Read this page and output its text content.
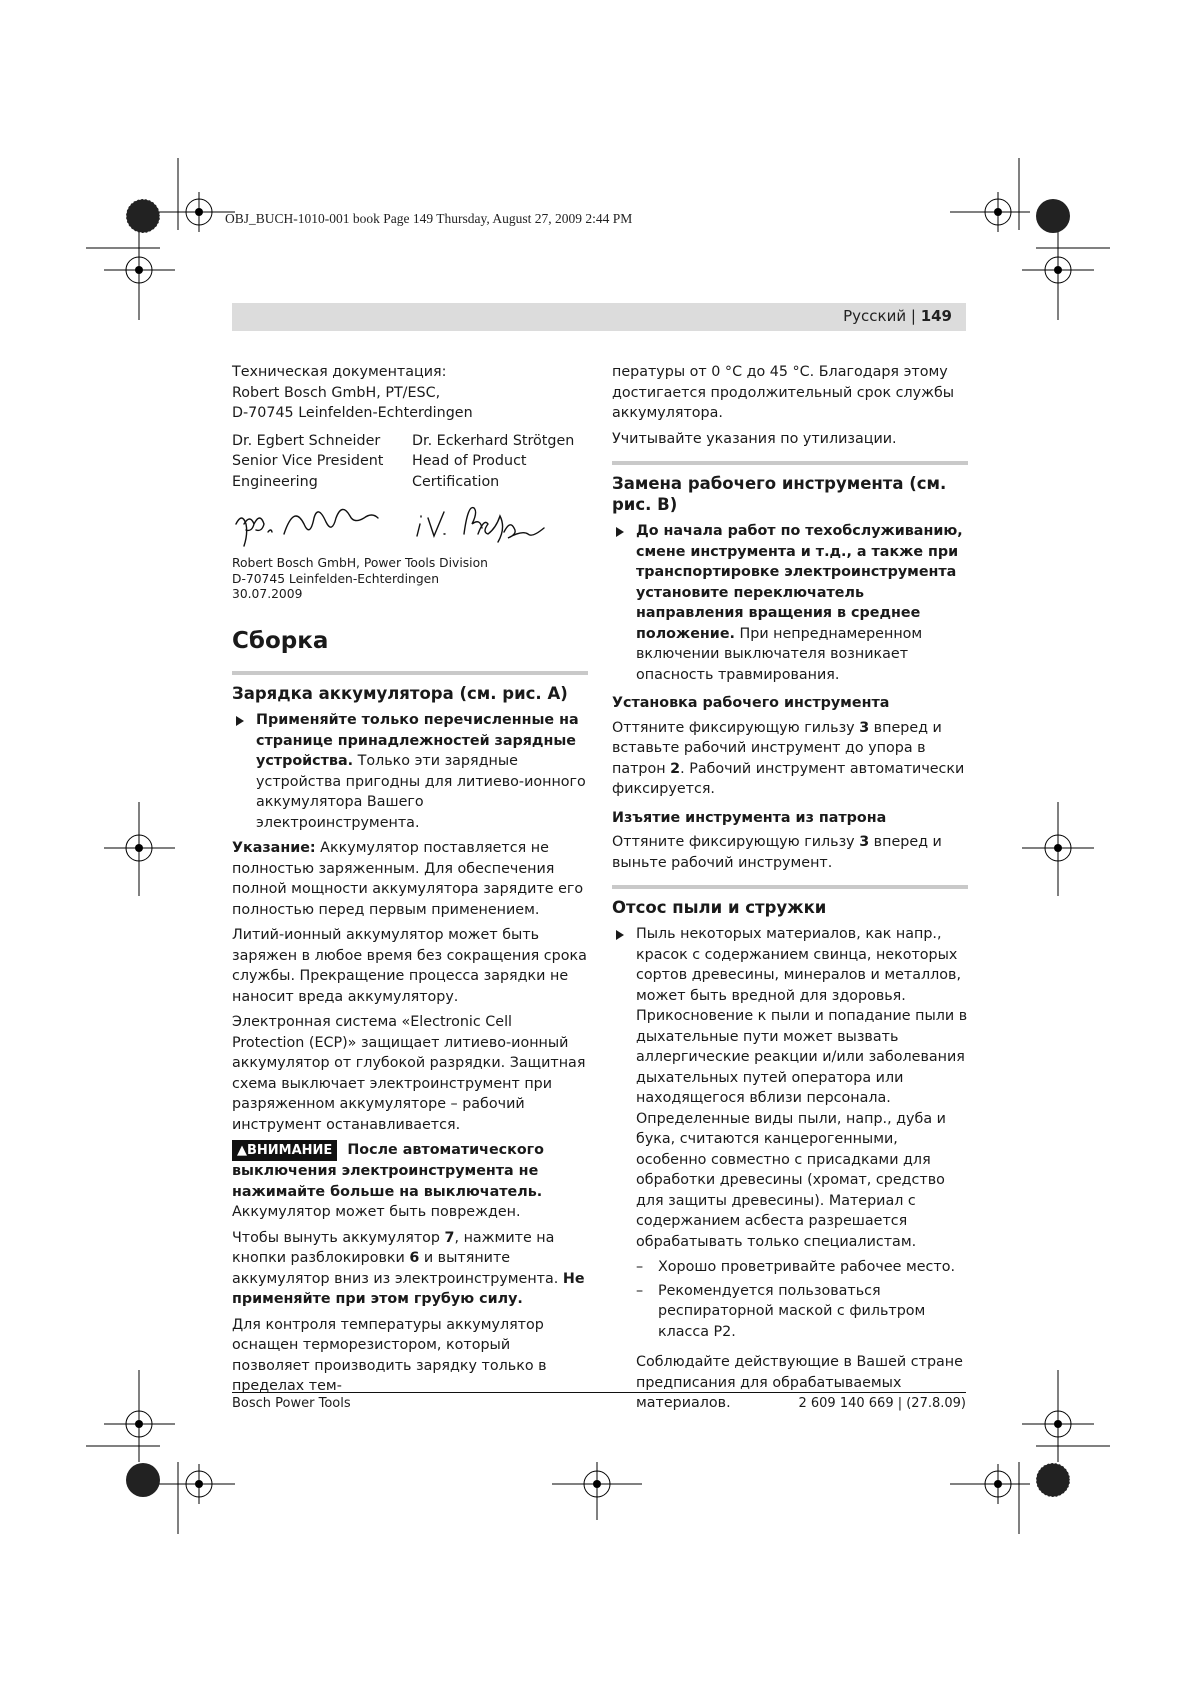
OBJ_BUCH-1010-001 book Page 149 Thursday, August 27, 2009 2:44 PM
Русский | 149
Техническая документация:
Robert Bosch GmbH, PT/ESC,
D-70745 Leinfelden-Echterdingen
Dr. Egbert Schneider
Senior Vice President
Engineering
Dr. Eckerhard Strötgen
Head of Product
Certification
Robert Bosch GmbH, Power Tools Division
D-70745 Leinfelden-Echterdingen
30.07.2009
Сборка
Зарядка аккумулятора (см. рис. А)
Применяйте только перечисленные на странице принадлежностей зарядные устройства. Только эти зарядные устройства пригодны для литиево-ионного аккумулятора Вашего электроинструмента.

Указание: Аккумулятор поставляется не полностью заряженным. Для обеспечения полной мощности аккумулятора зарядите его полностью перед первым применением.

Литий-ионный аккумулятор может быть заряжен в любое время без сокращения срока службы. Прекращение процесса зарядки не наносит вреда аккумулятору.

Электронная система «Electronic Cell Protection (ECP)» защищает литиево-ионный аккумулятор от глубокой разрядки. Защитная схема выключает электроинструмент при разряженном аккумуляторе – рабочий инструмент останавливается.

▲ВНИМАНИЕ После автоматического выключения электроинструмента не нажимайте больше на выключатель. Аккумулятор может быть поврежден.

Чтобы вынуть аккумулятор 7, нажмите на кнопки разблокировки 6 и вытяните аккумулятор вниз из электроинструмента. Не применяйте при этом грубую силу.

Для контроля температуры аккумулятор оснащен терморезистором, который позволяет производить зарядку только в пределах тем-

пературы от 0 °C до 45 °C. Благодаря этому достигается продолжительный срок службы аккумулятора.

Учитывайте указания по утилизации.

Замена рабочего инструмента (см. рис. B)
До начала работ по техобслуживанию, смене инструмента и т.д., а также при транспортировке электроинструмента установите переключатель направления вращения в среднее положение. При непреднамеренном включении выключателя возникает опасность травмирования.
Установка рабочего инструмента

Оттяните фиксирующую гильзу 3 вперед и вставьте рабочий инструмент до упора в патрон 2. Рабочий инструмент автоматически фиксируется.

Изъятие инструмента из патрона

Оттяните фиксирующую гильзу 3 вперед и выньте рабочий инструмент.

Отсос пыли и стружки
Пыль некоторых материалов, как напр., красок с содержанием свинца, некоторых сортов древесины, минералов и металлов, может быть вредной для здоровья. Прикосновение к пыли и попадание пыли в дыхательные пути может вызвать аллергические реакции и/или заболевания дыхательных путей оператора или находящегося вблизи персонала. Определенные виды пыли, напр., дуба и бука, считаются канцерогенными, особенно совместно с присадками для обработки древесины (хромат, средство для защиты древесины). Материал с содержанием асбеста разрешается обрабатывать только специалистам.
– Хорошо проветривайте рабочее место.
– Рекомендуется пользоваться респираторной маской с фильтром класса P2.

Соблюдайте действующие в Вашей стране предписания для обрабатываемых материалов.

Bosch Power Tools	2 609 140 669 | (27.8.09)
